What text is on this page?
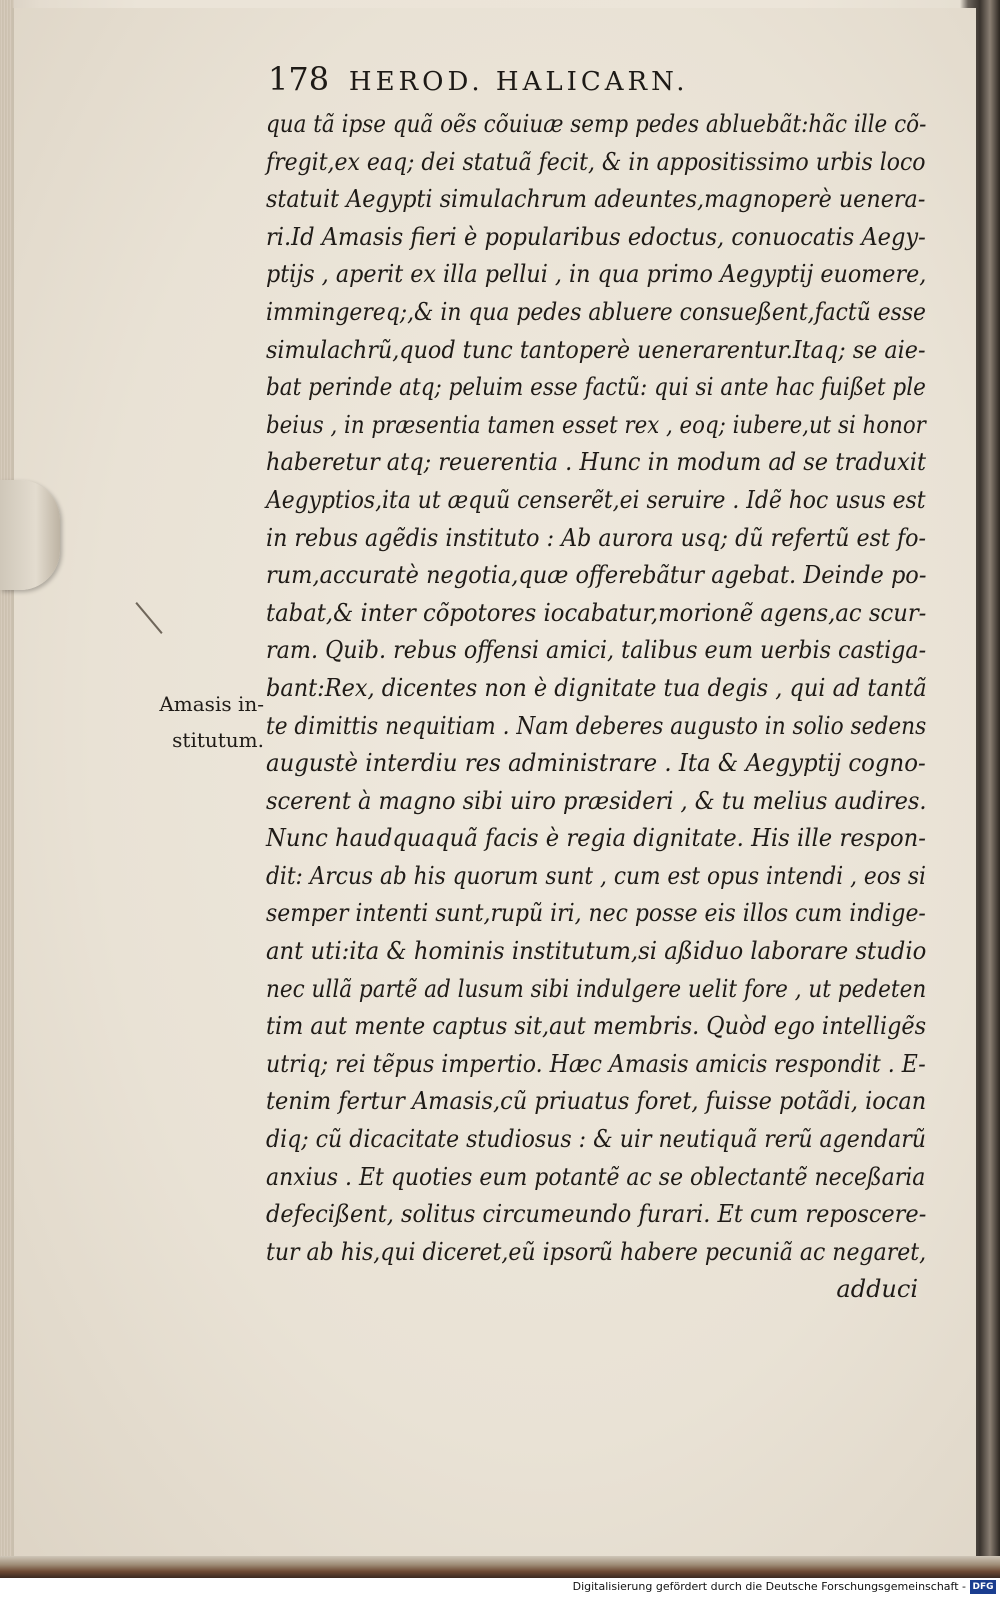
178 HEROD. HALICARN.
qua tã ipse quã oẽs cõuiuæ semp pedes abluebãt:hãc ille cõ-
fregit,ex eaq; dei statuã fecit, & in appositissimo urbis loco
statuit Aegypti simulachrum adeuntes,magnoperè uenera-
ri.Id Amasis fieri è popularibus edoctus, conuocatis Aegy-
ptijs , aperit ex illa pellui , in qua primo Aegyptij euomere,
immingereq;,& in qua pedes abluere consueßent,factũ esse
simulachrũ,quod tunc tantoperè uenerarentur.Itaq; se aie-
bat perinde atq; peluim esse factũ: qui si ante hac fuißet ple
beius , in præsentia tamen esset rex , eoq; iubere,ut si honor
haberetur atq; reuerentia . Hunc in modum ad se traduxit
Aegyptios,ita ut æquũ censerẽt,ei seruire . Idẽ hoc usus est
in rebus agẽdis instituto : Ab aurora usq; dũ refertũ est fo-
rum,accuratè negotia,quæ offerebãtur agebat. Deinde po-
tabat,& inter cõpotores iocabatur,morionẽ agens,ac scur-
ram. Quib. rebus offensi amici, talibus eum uerbis castiga-
bant:Rex, dicentes non è dignitate tua degis , qui ad tantã
te dimittis nequitiam . Nam deberes augusto in solio sedens
augustè interdiu res administrare . Ita & Aegyptij cogno-
scerent à magno sibi uiro præsideri , & tu melius audires.
Nunc haudquaquã facis è regia dignitate. His ille respon-
dit: Arcus ab his quorum sunt , cum est opus intendi , eos si
semper intenti sunt,rupũ iri, nec posse eis illos cum indige-
ant uti:ita & hominis institutum,si aßiduo laborare studio
nec ullã partẽ ad lusum sibi indulgere uelit fore , ut pedeten
tim aut mente captus sit,aut membris. Quòd ego intelligẽs
utriq; rei tẽpus impertio. Hæc Amasis amicis respondit . E-
tenim fertur Amasis,cũ priuatus foret, fuisse potãdi, iocan
diq; cũ dicacitate studiosus : & uir neutiquã rerũ agendarũ
anxius . Et quoties eum potantẽ ac se oblectantẽ neceßaria
defecißent, solitus circumeundo furari. Et cum reposcere-
tur ab his,qui diceret,eũ ipsorũ habere pecuniã ac negaret,
adduci
Amasis in-
stitutum.
Digitalisierung gefördert durch die Deutsche Forschungsgemeinschaft - DFG
